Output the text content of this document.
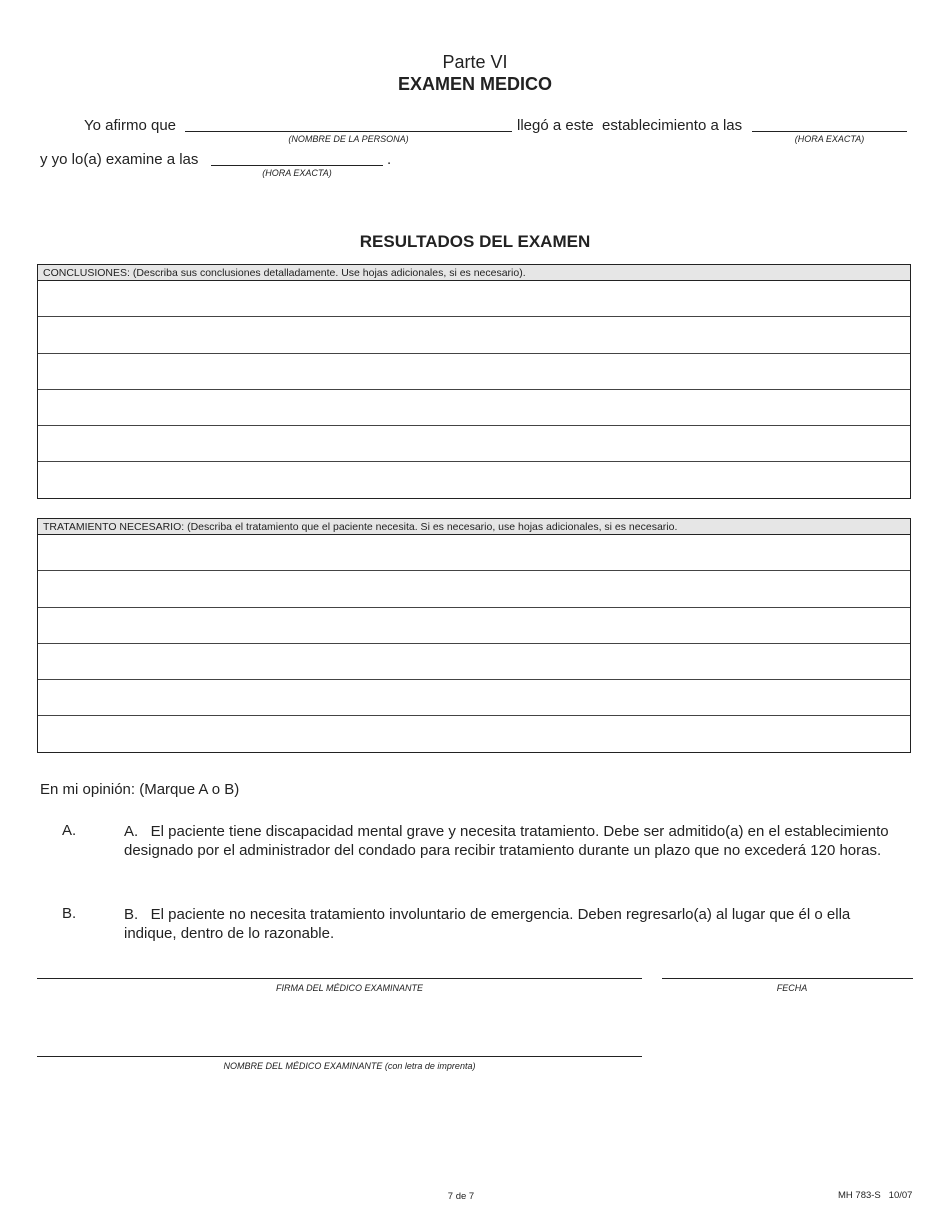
Parte VI
EXAMEN MEDICO
Yo afirmo que
(NOMBRE DE LA PERSONA)
llegó a este  establecimiento a las
(HORA EXACTA)
y yo lo(a) examine a las	.
(HORA EXACTA)
RESULTADOS DEL EXAMEN
CONCLUSIONES: (Describa sus conclusiones detalladamente. Use hojas adicionales, si es necesario).
TRATAMIENTO NECESARIO: (Describa el tratamiento que el paciente necesita. Si es necesario, use hojas adicionales, si es necesario.
En mi opinión: (Marque A o B)
A.	A.   El paciente tiene discapacidad mental grave y necesita tratamiento. Debe ser admitido(a) en el establecimiento designado por el administrador del condado para recibir tratamiento durante un plazo que no excederá 120 horas.
B.	B.   El paciente no necesita tratamiento involuntario de emergencia. Deben regresarlo(a) al lugar que él o ella indique, dentro de lo razonable.
FIRMA DEL MÉDICO EXAMINANTE	FECHA
NOMBRE DEL MÉDICO EXAMINANTE (con letra de imprenta)
7 de 7	MH 783-S   10/07
